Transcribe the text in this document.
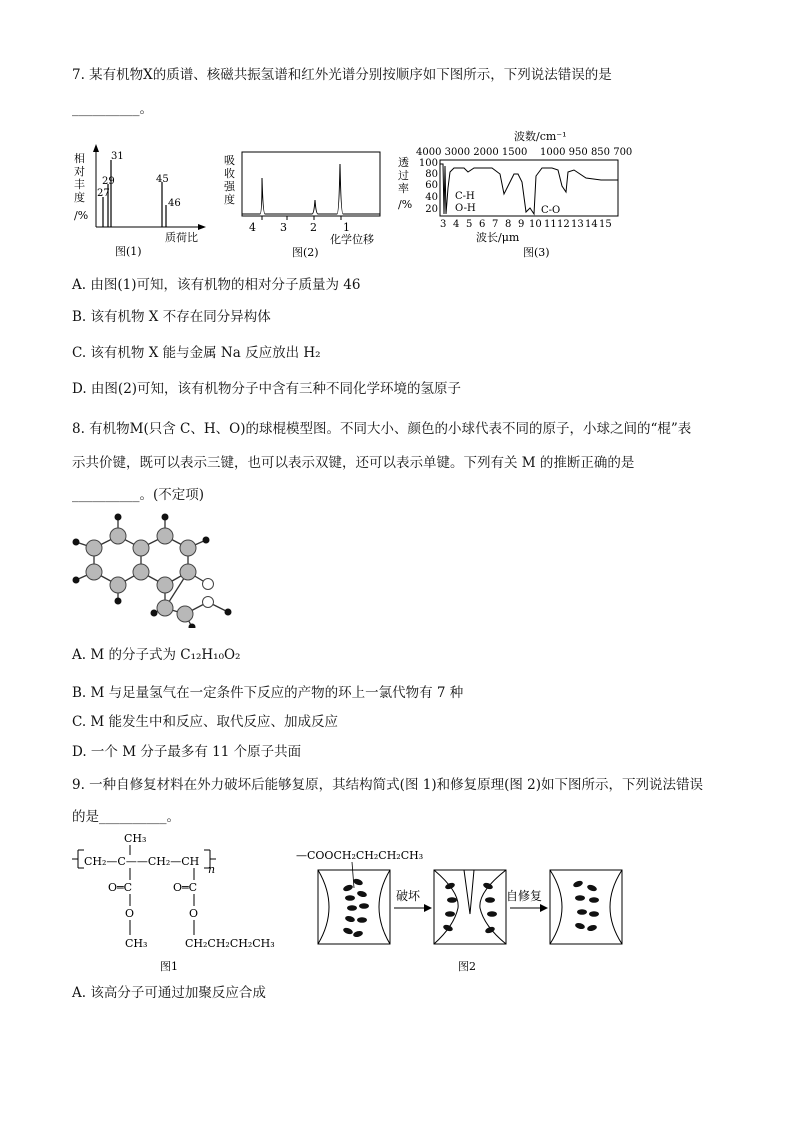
7. 某有机物X的质谱、核磁共振氢谱和红外光谱分别按顺序如下图所示，下列说法错误的是
__________。
相
对
丰
度
/%
27
29
31
45
46
质荷比
图(1)
吸
收
强
度
4 3 2 1
化学位移
图(2)
波数/cm⁻¹
4000 3000 2000 1500    1000 950 850 700
透
过
率
/%
100
80
60
40
20
C-H
O-H	C-O
3 4 5 6 7 8 9 10 11 12 13 14 15
波长/μm
图(3)
A. 由图(1)可知，该有机物的相对分子质量为 46
B. 该有机物 X 不存在同分异构体
C. 该有机物 X 能与金属 Na 反应放出 H₂
D. 由图(2)可知，该有机物分子中含有三种不同化学环境的氢原子
8. 有机物M(只含 C、H、O)的球棍模型图。不同大小、颜色的小球代表不同的原子，小球之间的“棍”表
示共价键，既可以表示三键，也可以表示双键，还可以表示单键。下列有关 M 的推断正确的是
__________。(不定项)
A. M 的分子式为 C₁₂H₁₀O₂
B. M 与足量氢气在一定条件下反应的产物的环上一氯代物有 7 种
C. M 能发生中和反应、取代反应、加成反应
D. 一个 M 分子最多有 11 个原子共面
9. 一种自修复材料在外力破坏后能够复原，其结构简式(图 1)和修复原理(图 2)如下图所示，下列说法错误
的是__________。
CH₃
CH₂—C——CH₂—CH
n
O═C	O═C
O	O
CH₃	CH₂CH₂CH₂CH₃
图1
—COOCH₂CH₂CH₂CH₃
破坏	自修复
图2
A. 该高分子可通过加聚反应合成
